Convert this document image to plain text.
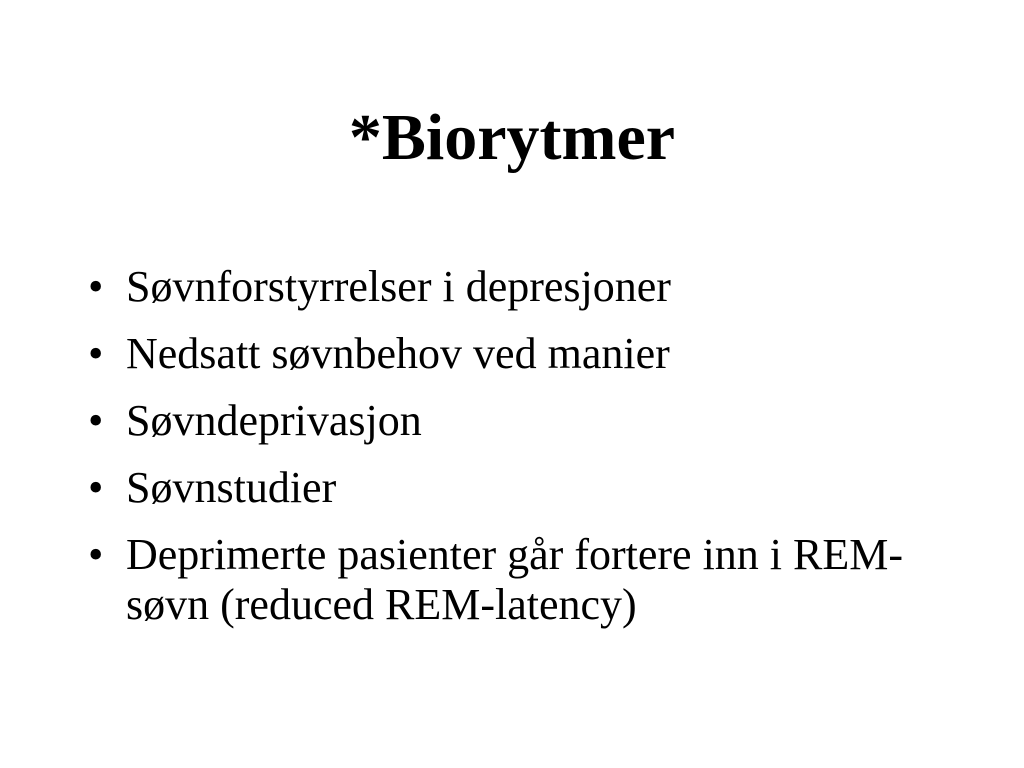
*Biorytmer
• Søvnforstyrrelser i depresjoner
• Nedsatt søvnbehov ved manier
• Søvndeprivasjon
• Søvnstudier
• Deprimerte pasienter går fortere inn i REM-søvn (reduced REM-latency)
